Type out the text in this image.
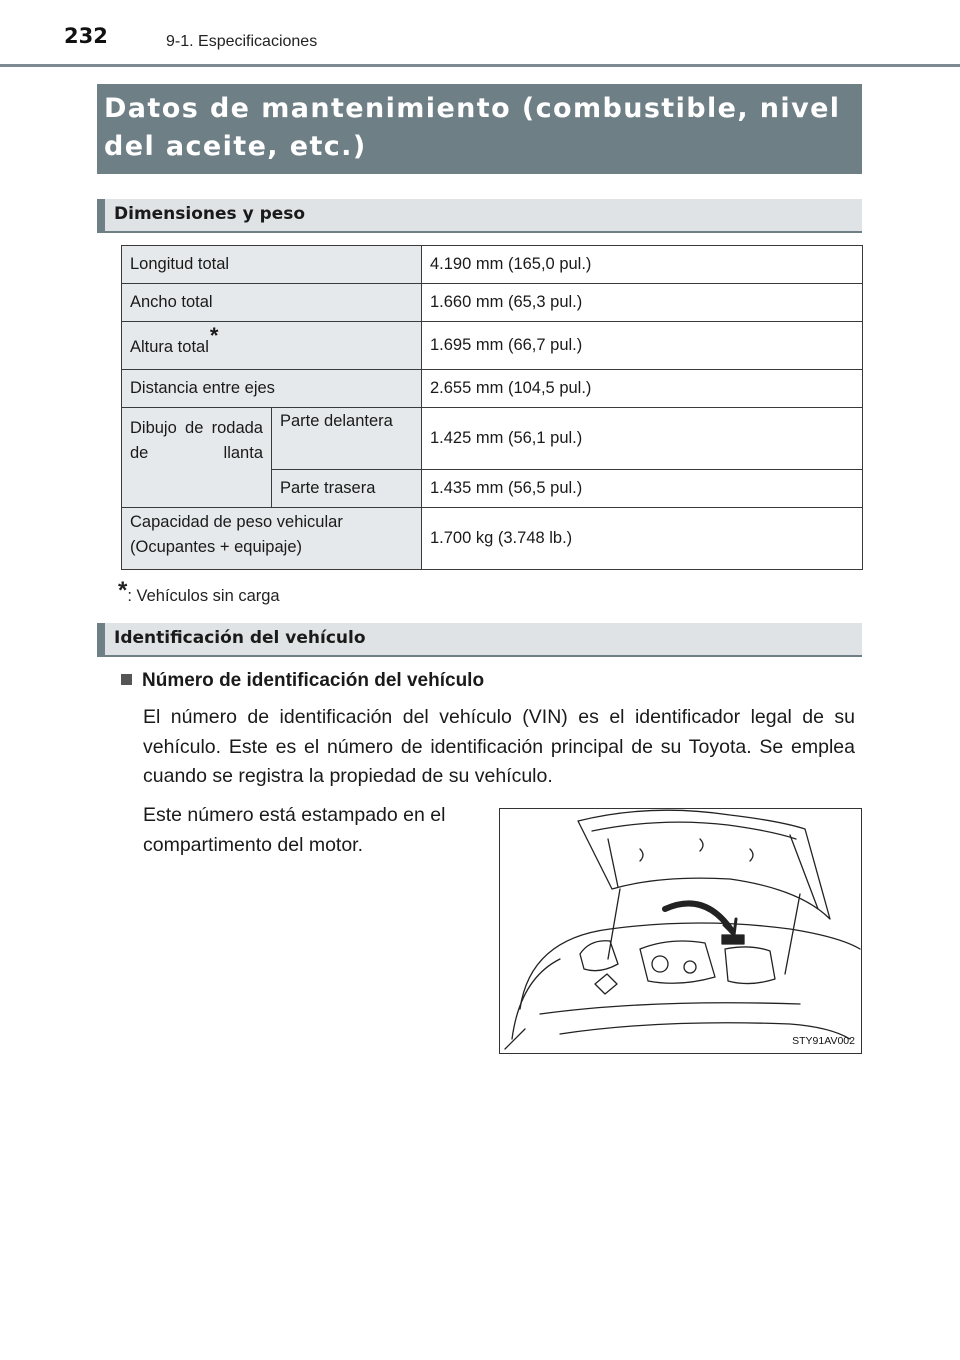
232	9-1. Especificaciones
Datos de mantenimiento (combustible, nivel del aceite, etc.)
Dimensiones y peso
Longitud total		4.190 mm (165,0 pul.)
Ancho total		1.660 mm (65,3 pul.)
Altura total*		1.695 mm (66,7 pul.)
Distancia entre ejes		2.655 mm (104,5 pul.)
Dibujo de rodada de llanta	Parte delantera	1.425 mm (56,1 pul.)
	Parte trasera	1.435 mm (56,5 pul.)

Capacidad de peso vehicular
(Ocupantes + equipaje)		1.700 kg (3.748 lb.)
*: Vehículos sin carga
Identificación del vehículo
Número de identificación del vehículo
El número de identificación del vehículo (VIN) es el identificador legal de su vehículo. Este es el número de identificación principal de su Toyota. Se emplea cuando se registra la propiedad de su vehículo.
Este número está estampado en el compartimento del motor.
STY91AV002
